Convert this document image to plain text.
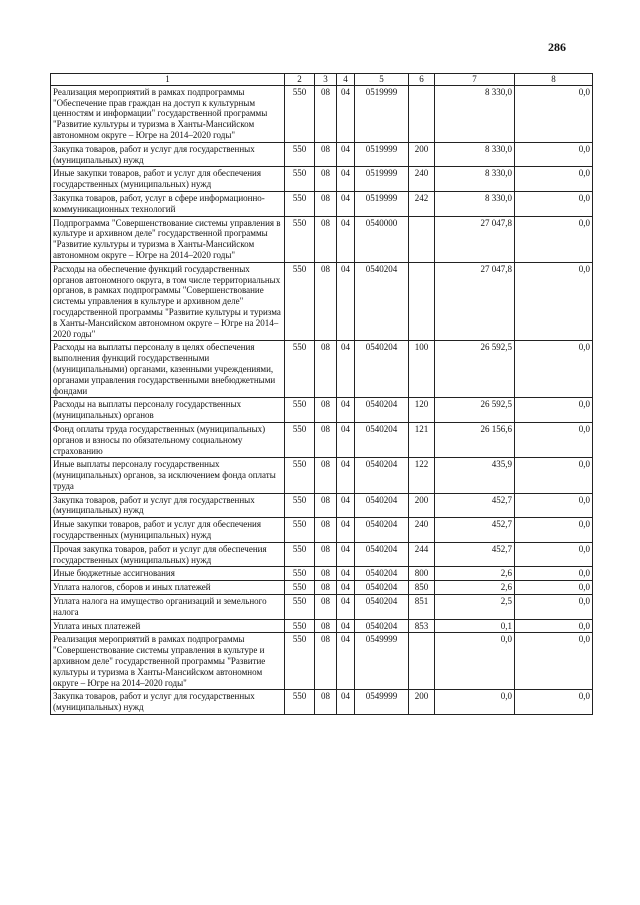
286
1	2	3	4	5	6	7	8
Реализация мероприятий в рамках подпрограммы "Обеспечение прав граждан на доступ к культурным ценностям и информации" государственной программы "Развитие культуры и туризма в Ханты-Мансийском автономном округе – Югре на 2014–2020 годы"	550	08	04	0519999		8 330,0	0,0
Закупка товаров, работ и услуг для государственных (муниципальных) нужд	550	08	04	0519999	200	8 330,0	0,0
Иные закупки товаров, работ и услуг для обеспечения государственных (муниципальных) нужд	550	08	04	0519999	240	8 330,0	0,0
Закупка товаров, работ, услуг в сфере информационно-коммуникационных технологий	550	08	04	0519999	242	8 330,0	0,0
Подпрограмма "Совершенствование системы управления в культуре и архивном деле" государственной программы "Развитие культуры и туризма в Ханты-Мансийском автономном округе – Югре на 2014–2020 годы"	550	08	04	0540000		27 047,8	0,0
Расходы на обеспечение функций государственных органов автономного округа, в том числе территориальных органов, в рамках подпрограммы "Совершенствование системы управления в культуре и архивном деле" государственной программы "Развитие культуры и туризма в Ханты-Мансийском автономном округе – Югре на 2014–2020 годы"	550	08	04	0540204		27 047,8	0,0
Расходы на выплаты персоналу в целях обеспечения выполнения функций государственными (муниципальными) органами, казенными учреждениями, органами управления государственными внебюджетными фондами	550	08	04	0540204	100	26 592,5	0,0
Расходы на выплаты персоналу государственных (муниципальных) органов	550	08	04	0540204	120	26 592,5	0,0
Фонд оплаты труда государственных (муниципальных) органов и взносы по обязательному социальному страхованию	550	08	04	0540204	121	26 156,6	0,0
Иные выплаты персоналу государственных (муниципальных) органов, за исключением фонда оплаты труда	550	08	04	0540204	122	435,9	0,0
Закупка товаров, работ и услуг для государственных (муниципальных) нужд	550	08	04	0540204	200	452,7	0,0
Иные закупки товаров, работ и услуг для обеспечения государственных (муниципальных) нужд	550	08	04	0540204	240	452,7	0,0
Прочая закупка товаров, работ и услуг для обеспечения государственных (муниципальных) нужд	550	08	04	0540204	244	452,7	0,0
Иные бюджетные ассигнования	550	08	04	0540204	800	2,6	0,0
Уплата налогов, сборов и иных платежей	550	08	04	0540204	850	2,6	0,0
Уплата налога на имущество организаций и земельного налога	550	08	04	0540204	851	2,5	0,0
Уплата иных платежей	550	08	04	0540204	853	0,1	0,0
Реализация мероприятий в рамках подпрограммы "Совершенствование системы управления в культуре и архивном деле" государственной программы "Развитие культуры и туризма в Ханты-Мансийском автономном округе – Югре на 2014–2020 годы"	550	08	04	0549999		0,0	0,0
Закупка товаров, работ и услуг для государственных (муниципальных) нужд	550	08	04	0549999	200	0,0	0,0
